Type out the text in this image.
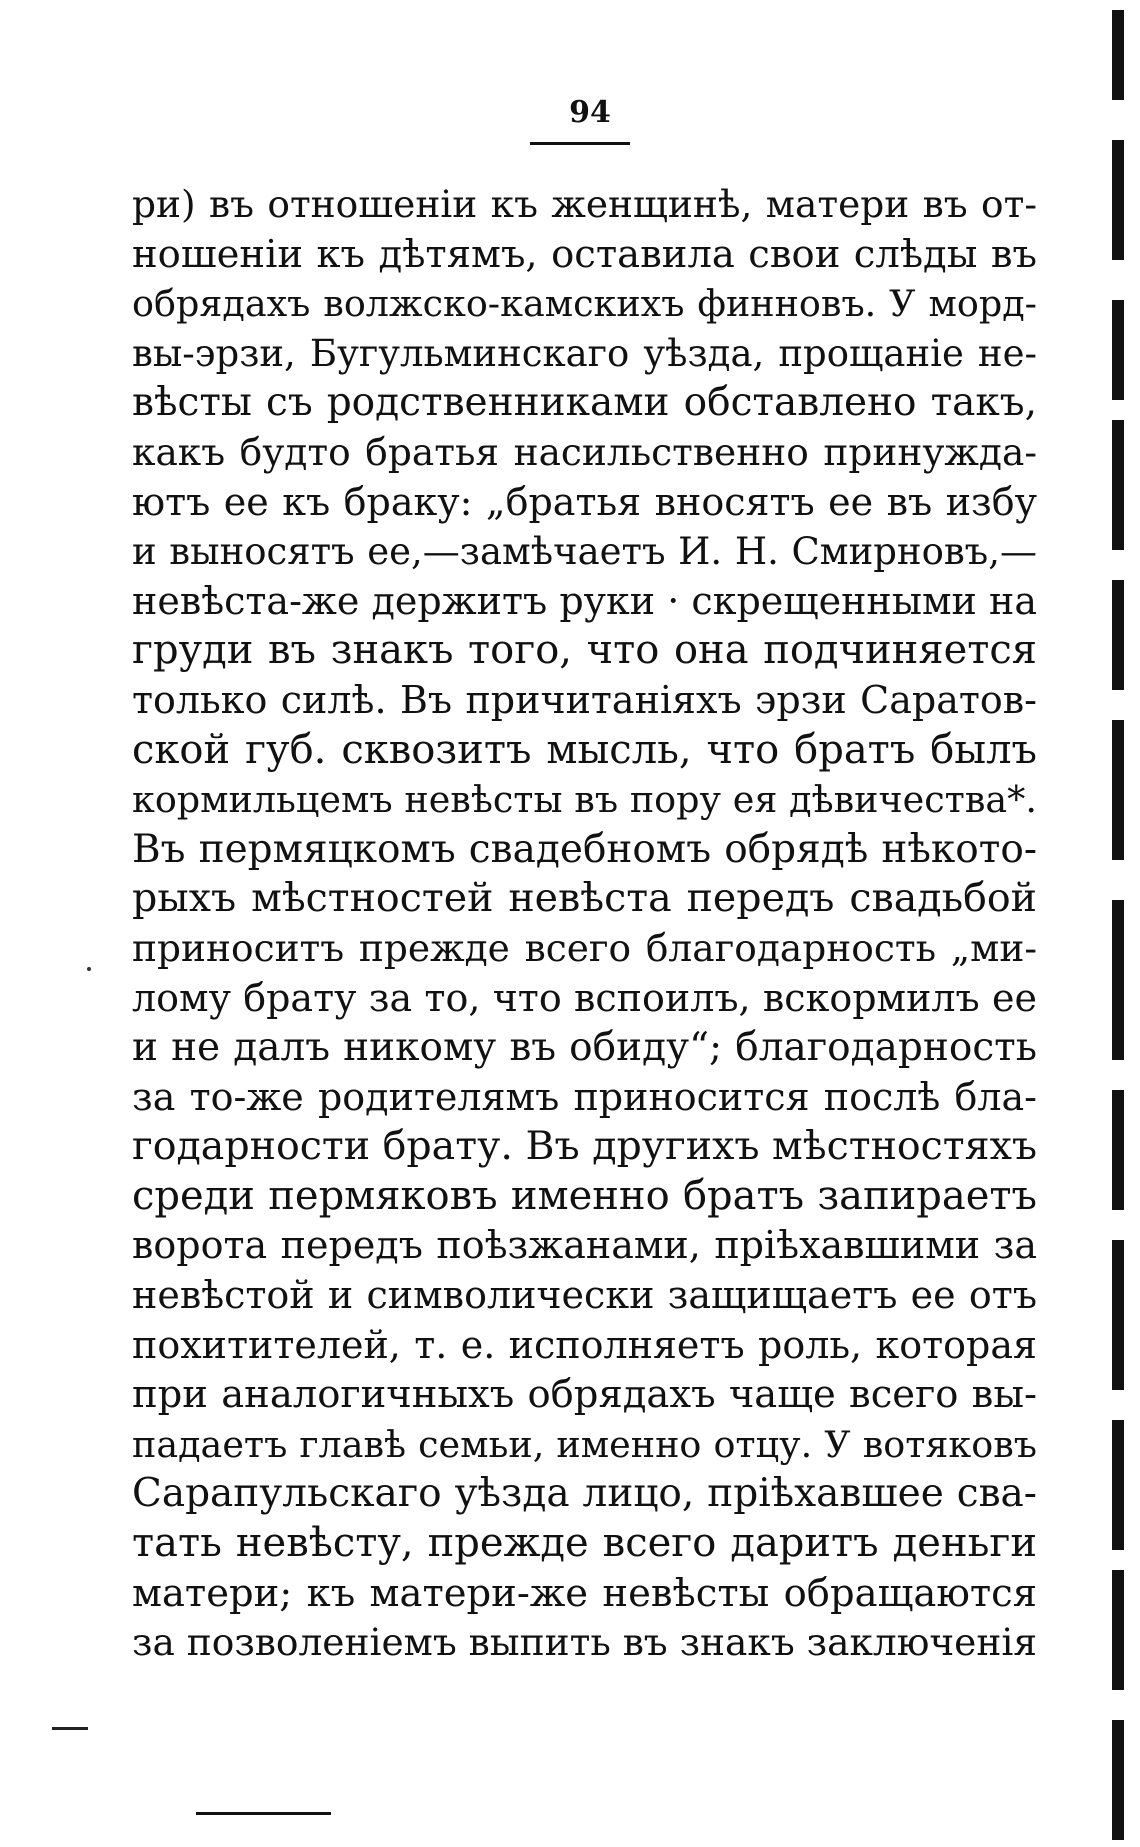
94
ри) въ отношенiи къ женщинѣ, матери въ от-
ношенiи къ дѣтямъ, оставила свои слѣды въ
обрядахъ волжско-камскихъ финновъ. У морд-
вы-эрзи, Бугульминскаго уѣзда, прощанiе не-
вѣсты съ родственниками обставлено такъ,
какъ будто братья насильственно принуждa-
ютъ ее къ браку: „братья вносятъ ее въ избу
и выносятъ ее,—замѣчаетъ И. Н. Смирновъ,—
невѣста-же держитъ руки · скрещенными на
груди въ знакъ того, что она подчиняется
только силѣ. Въ причитанiяхъ эрзи Саратов-
ской губ. сквозитъ мысль, что братъ былъ
кормильцемъ невѣсты въ пору ея дѣвичества*.
Въ пермяцкомъ свадебномъ обрядѣ нѣкото-
рыхъ мѣстностей невѣста передъ свадьбой
приноситъ прежде всего благодарность „ми-
лому брату за то, что вспоилъ, вскормилъ ее
и не далъ никому въ обиду“; благодарность
за то-же родителямъ приносится послѣ бла-
годарности брату. Въ другихъ мѣстностяхъ
среди пермяковъ именно братъ запираетъ
ворота передъ поѣзжанами, прiѣхавшими за
невѣстой и символически защищаетъ ее отъ
похитителей, т. е. исполняетъ роль, которая
при аналогичныхъ обрядахъ чаще всего вы-
падаетъ главѣ семьи, именно отцу. У вотяковъ
Сарапульскаго уѣзда лицо, прiѣхавшее сва-
тать невѣсту, прежде всего даритъ деньги
матери; къ матери-же невѣсты обращаются
за позволенiемъ выпить въ знакъ заключенiя
